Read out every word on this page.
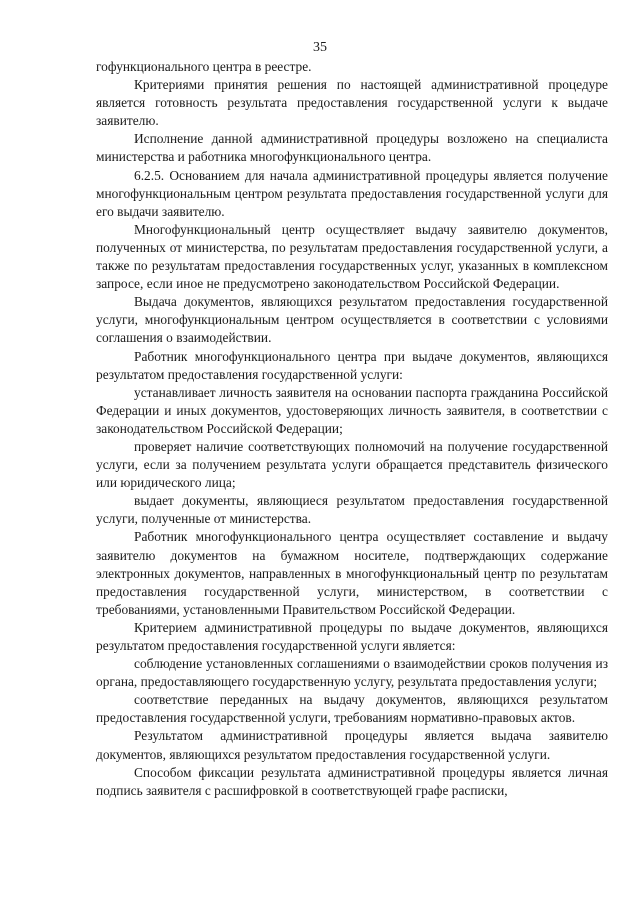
35

гофункционального центра в реестре.

Критериями принятия решения по настоящей административной процедуре является готовность результата предоставления государственной услуги к выдаче заявителю.

Исполнение данной административной процедуры возложено на специалиста министерства и работника многофункционального центра.

6.2.5. Основанием для начала административной процедуры является получение многофункциональным центром результата предоставления государственной услуги для его выдачи заявителю.

Многофункциональный центр осуществляет выдачу заявителю документов, полученных от министерства, по результатам предоставления государственной услуги, а также по результатам предоставления государственных услуг, указанных в комплексном запросе, если иное не предусмотрено законодательством Российской Федерации.

Выдача документов, являющихся результатом предоставления государственной услуги, многофункциональным центром осуществляется в соответствии с условиями соглашения о взаимодействии.

Работник многофункционального центра при выдаче документов, являющихся результатом предоставления государственной услуги:

устанавливает личность заявителя на основании паспорта гражданина Российской Федерации и иных документов, удостоверяющих личность заявителя, в соответствии с законодательством Российской Федерации;

проверяет наличие соответствующих полномочий на получение государственной услуги, если за получением результата услуги обращается представитель физического или юридического лица;

выдает документы, являющиеся результатом предоставления государственной услуги, полученные от министерства.

Работник многофункционального центра осуществляет составление и выдачу заявителю документов на бумажном носителе, подтверждающих содержание электронных документов, направленных в многофункциональный центр по результатам предоставления государственной услуги, министерством, в соответствии с требованиями, установленными Правительством Российской Федерации.

Критерием административной процедуры по выдаче документов, являющихся результатом предоставления государственной услуги является:

соблюдение установленных соглашениями о взаимодействии сроков получения из органа, предоставляющего государственную услугу, результата предоставления услуги;

соответствие переданных на выдачу документов, являющихся результатом предоставления государственной услуги, требованиям нормативно-правовых актов.

Результатом административной процедуры является выдача заявителю документов, являющихся результатом предоставления государственной услуги.

Способом фиксации результата административной процедуры является личная подпись заявителя с расшифровкой в соответствующей графе расписки,
